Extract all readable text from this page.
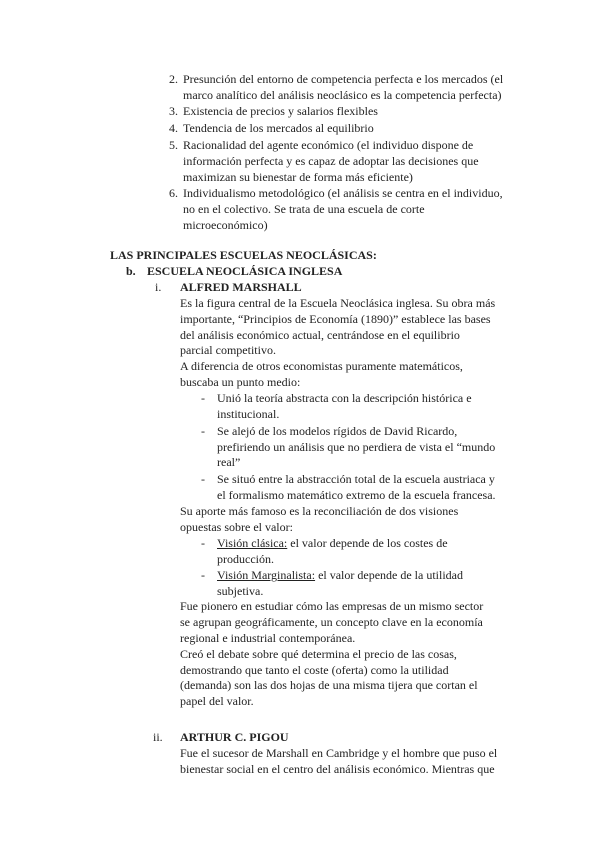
2. Presunción del entorno de competencia perfecta e los mercados (el
marco analítico del análisis neoclásico es la competencia perfecta)
3. Existencia de precios y salarios flexibles
4. Tendencia de los mercados al equilibrio
5. Racionalidad del agente económico (el individuo dispone de
información perfecta y es capaz de adoptar las decisiones que
maximizan su bienestar de forma más eficiente)
6. Individualismo metodológico (el análisis se centra en el individuo,
no en el colectivo. Se trata de una escuela de corte
microeconómico)
LAS PRINCIPALES ESCUELAS NEOCLÁSICAS:
b. ESCUELA NEOCLÁSICA INGLESA
i. ALFRED MARSHALL
Es la figura central de la Escuela Neoclásica inglesa. Su obra más
importante, “Principios de Economía (1890)” establece las bases
del análisis económico actual, centrándose en el equilibrio
parcial competitivo.
A diferencia de otros economistas puramente matemáticos,
buscaba un punto medio:
-	Unió la teoría abstracta con la descripción histórica e
institucional.
-	Se alejó de los modelos rígidos de David Ricardo,
prefiriendo un análisis que no perdiera de vista el “mundo
real”
-	Se situó entre la abstracción total de la escuela austriaca y
el formalismo matemático extremo de la escuela francesa.
Su aporte más famoso es la reconciliación de dos visiones
opuestas sobre el valor:
-	Visión clásica: el valor depende de los costes de
producción.
-	Visión Marginalista: el valor depende de la utilidad
subjetiva.
Fue pionero en estudiar cómo las empresas de un mismo sector
se agrupan geográficamente, un concepto clave en la economía
regional e industrial contemporánea.
Creó el debate sobre qué determina el precio de las cosas,
demostrando que tanto el coste (oferta) como la utilidad
(demanda) son las dos hojas de una misma tijera que cortan el
papel del valor.
ii. ARTHUR C. PIGOU
Fue el sucesor de Marshall en Cambridge y el hombre que puso el
bienestar social en el centro del análisis económico. Mientras que
